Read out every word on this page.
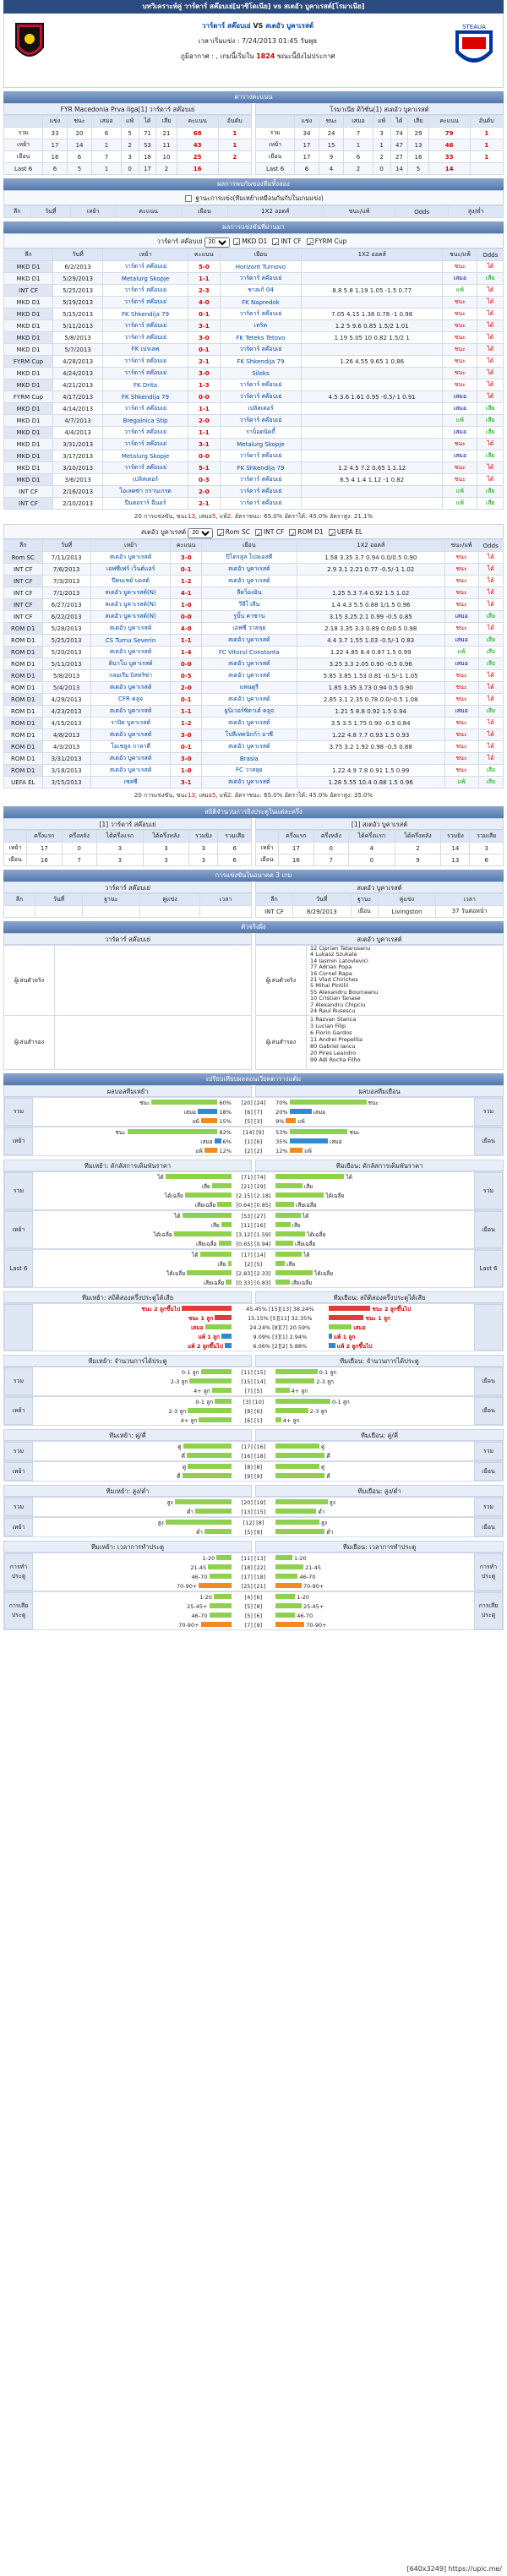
บทวิเคราะห์คู่ วาร์ดาร์ สค๊อบเย่[มาซิโดเนีย] vs สเตอัว บูคาเรสต์[โรมาเนีย]
วาร์ดาร์ สค๊อบเย่ VS สเตอัว บูคาเรสต์
เวลาเริ่มแข่ง : 7/24/2013 01:45 วันพุธ
ภูมิอากาศ : , เกมนี้เริ่มใน 1824 ขณะนี้ยังไม่ประกาศ
STEAUA
ตารางคะแนน
FYR Macedonia Prva liga[1] วาร์ดาร์ สค๊อบเย่
	แข่ง	ชนะ	เสมอ	แพ้	ได้	เสีย	คะแนน	อันดับ
รวม	33	20	6	5	71	21	68	1
เหย้า	17	14	1	2	53	11	43	1
เยือน	16	6	7	3	18	10	25	2
Last 6	6	5	1	0	17	2	16	
โรมาเนีย ดิวิชั่น(1) สเตอัว บูคาเรสต์
	แข่ง	ชนะ	เสมอ	แพ้	ได้	เสีย	คะแนน	อันดับ
รวม	34	24	7	3	74	29	79	1
เหย้า	17	15	1	1	47	13	46	1
เยือน	17	9	6	2	27	16	33	1
Last 6	6	4	2	0	14	5	14	
ผลการพบกันของทีมทั้งสอง
ฐานะการแข่ง(ทีมเหย้าเหมือนกันกับในเกมแข่ง)
ลีก	วันที่	เหย้า	คะแนน	เยือน	1X2 ออดส์	ชนะ/แพ้	Odds	สูง/ต่ำ
ผลการแข่งขันที่ผ่านมา
วาร์ดาร์ สค๊อบเย่
20 ✓	MKD D1 ✓ INT CF ✓ FYRM Cup
ลีก	วันที่	เหย้า	คะแนน	เยือน	1X2 ออดส์	ชนะ/แพ้	Odds
MKD D1	6/2/2013	วาร์ดาร์ สค๊อบเย่	5-0	Horizont Turnovo		ชนะ	ได้
MKD D1	5/29/2013	Metalurg Skopje	1-1	วาร์ดาร์ สค๊อบเย่		เสมอ	เสีย
INT CF	5/25/2013	วาร์ดาร์ สค๊อบเย่	2-3	ชาลเก้ 04	8.8 5.8 1.19 1.05 -1.5 0.77	แพ้	ได้
MKD D1	5/19/2013	วาร์ดาร์ สค๊อบเย่	4-0	FK Napredok		ชนะ	ได้
MKD D1	5/15/2013	FK Shkendija 79	0-1	วาร์ดาร์ สค๊อบเย่	7.05 4.15 1.38 0.78 -1 0.98	ชนะ	ได้
MKD D1	5/11/2013	วาร์ดาร์ สค๊อบเย่	3-1	เทริค	1.2 5 9.6 0.85 1.5/2 1.01	ชนะ	ได้
MKD D1	5/8/2013	วาร์ดาร์ สค๊อบเย่	3-0	FK Teteks Tetovo	1.19 5.05 10 0.82 1.5/2 1	ชนะ	ได้
MKD D1	5/7/2013	FK เปรเลพ	0-1	วาร์ดาร์ สค๊อบเย่		ชนะ	ได้
FYRM Cup	4/28/2013	วาร์ดาร์ สค๊อบเย่	2-1	FK Shkendija 79	1.26 4.55 9.65 1 0.86	ชนะ	ได้
MKD D1	4/24/2013	วาร์ดาร์ สค๊อบเย่	3-0	Sileks		ชนะ	ได้
MKD D1	4/21/2013	FK Drita	1-3	วาร์ดาร์ สค๊อบเย่		ชนะ	ได้
FYRM Cup	4/17/2013	FK Shkendija 79	0-0	วาร์ดาร์ สค๊อบเย่	4.5 3.6 1.61 0.95 -0.5/-1 0.91	เสมอ	ได้
MKD D1	4/14/2013	วาร์ดาร์ สค๊อบเย่	1-1	เปลิสเตอร์		เสมอ	เสีย
MKD D1	4/7/2013	Bregalnica Stip	2-0	วาร์ดาร์ สค๊อบเย่		แพ้	เสีย
MKD D1	4/4/2013	วาร์ดาร์ สค๊อบเย่	1-1	ราบ็อตนิคกี้		เสมอ	เสีย
MKD D1	3/31/2013	วาร์ดาร์ สค๊อบเย่	3-1	Metalurg Skopje		ชนะ	ได้
MKD D1	3/17/2013	Metalurg Skopje	0-0	วาร์ดาร์ สค๊อบเย่		เสมอ	เสีย
MKD D1	3/10/2013	วาร์ดาร์ สค๊อบเย่	5-1	FK Shkendija 79	1.2 4.5 7.2 0.65 1 1.12	ชนะ	ได้
MKD D1	3/6/2013	เปลิสเตอร์	0-3	วาร์ดาร์ สค๊อบเย่	6.5 4 1.4 1.12 -1 0.82	ชนะ	ได้
INT CF	2/16/2013	โอเลคซ่า กรานเกรด	2-0	วาร์ดาร์ สค๊อบเย่		แพ้	เสีย
INT CF	2/10/2013	ปีนฮอราร์ ฉีนอร์	2-1	วาร์ดาร์ สค๊อบเย่		แพ้	เสีย
20 การแข่งขัน, ชนะ13, เสมอ5, แพ้2. อัตราชนะ: 65.0% อัตราได้: 45.0% อัตราสูง: 21.1%
สเตอัว บูคาเรสต์
20 ✓	Rom SC ✓ INT CF ✓ ROM D1 ✓ UEFA EL
ลีก	วันที่	เหย้า	คะแนน	เยือน	1X2 ออดส์	ชนะ/แพ้	Odds
Rom SC	7/11/2013	สเตอัว บูคาเรสต์	3-0	ปีโตรลูล โปลเอสตี	1.58 3.35 3.7 0.94 0.0/0.5 0.90	ชนะ	ได้
INT CF	7/6/2013	เอฟซีเฟร์ เว็นต์แอร์	0-1	สเตอัว บูคาเรสต์	2.9 3.1 2.21 0.77 -0.5/-1 1.02	ชนะ	ได้
INT CF	7/3/2013	ปีตนเชย์ บอสต์	1-2	สเตอัว บูคาเรสต์		ชนะ	ได้
INT CF	7/1/2013	สเตอัว บูคาเรสต์(N)	4-1	ลีดว็องอิน	1.25 5.3 7.4 0.92 1.5 1.02	ชนะ	ได้
INT CF	6/27/2013	สเตอัว บูคาเรสต์(N)	1-0	วีลีโวลีน	1.4 4.3 5.5 0.88 1/1.5 0.96	ชนะ	ได้
INT CF	6/22/2013	สเตอัว บูคาเรสต์(N)	0-0	รูบิ้น คาซาน	3.15 3.25 2.1 0.99 -0.5 0.85	เสมอ	เสีย
ROM D1	5/28/2013	สเตอัว บูคาเรสต์	4-0	เอฟซี วาสลุย	2.18 3.35 3.3 0.89 0.0/0.5 0.98	ชนะ	ได้
ROM D1	5/25/2013	CS Turnu Severin	1-1	สเตอัว บูคาเรสต์	4.4 3.7 1.55 1.03 -0.5/-1 0.83	เสมอ	เสีย
ROM D1	5/20/2013	สเตอัว บูคาเรสต์	1-4	FC Vitorul Constanta	1.22 4.85 8.4 0.87 1.5 0.99	แพ้	เสีย
ROM D1	5/11/2013	ดินาโม บูคาเรสต์	0-0	สเตอัว บูคาเรสต์	3.25 3.3 2.05 0.90 -0.5 0.96	เสมอ	เสีย
ROM D1	5/8/2013	กลอเรีย บิสทริซ่า	0-5	สเตอัว บูคาเรสต์	5.85 3.85 1.53 0.81 -0.5/-1 1.05	ชนะ	ได้
ROM D1	5/4/2013	สเตอัว บูคาเรสต์	2-0	แพนดูรี	1.85 3.35 3.73 0.94 0.5 0.90	ชนะ	ได้
ROM D1	4/29/2013	CFR คลูจ	0-1	สเตอัว บูคาเรสต์	2.85 3.1 2.35 0.78 0.0/-0.5 1.08	ชนะ	ได้
ROM D1	4/23/2013	สเตอัว บูคาเรสต์	1-1	ยูนิเวอร์ซิตาเต้ คลูจ	1.21 5 8.8 0.92 1.5 0.94	เสมอ	เสีย
ROM D1	4/15/2013	ราปิด บูคาเรสต์	1-2	สเตอัว บูคาเรสต์	3.5 3.5 1.75 0.90 -0.5 0.84	ชนะ	ได้
ROM D1	4/8/2013	สเตอัว บูคาเรสต์	3-0	โปลีเทคนิกก้า อาซี	1.22 4.8 7.7 0.93 1.5 0.93	ชนะ	ได้
ROM D1	4/3/2013	โอเชลูล กาลาตี	0-1	สเตอัว บูคาเรสต์	3.75 3.2 1.92 0.98 -0.5 0.88	ชนะ	ได้
ROM D1	3/31/2013	สเตอัว บูคาเรสต์	3-0	Brasia		ชนะ	ได้
ROM D1	3/18/2013	สเตอัว บูคาเรสต์	1-0	FC วาสลุย	1.22 4.9 7.8 0.91 1.5 0.99	ชนะ	เสีย
UEFA EL	3/15/2013	เชลซี	3-1	สเตอัว บูคาเรสต์	1.28 5.55 10.4 0.88 1.5 0.96	แพ้	เสีย
20 การแข่งขัน, ชนะ13, เสมอ5, แพ้2. อัตราชนะ: 65.0% อัตราได้: 45.0% อัตราสูง: 35.0%
สถิติจำนวนการยิงประตูในแต่ละครึ่ง
[1] วาร์ดาร์ สค๊อบเย่
	ครึ่งแรก	ครึ่งหลัง	ได้ครึ่งแรก	ได้ครึ่งหลัง	รวมยิง	รวมเสีย
เหย้า	17	0	3	3	3	6
เยือน	16	7	3	3	3	6
[1] สเตอัว บูคาเรสต์
	ครึ่งแรก	ครึ่งหลัง	ได้ครึ่งแรก	ได้ครึ่งหลัง	รวมยิง	รวมเสีย
เหย้า	17	0	4	2	14	3
เยือน	16	7	0	9	13	6
การแข่งขันในอนาคต 3 เกม
วาร์ดาร์ สค๊อบเย่
ลีก	วันที่	ฐานะ	คู่แข่ง	เวลา

สเตอัว บูคาเรสต์
ลีก	วันที่	ฐานะ	คู่แข่ง	เวลา
INT CF	8/29/2013	เยือน	Livingston	37 วันต่อหน้า
ตัวจริงฝั่ง
วาร์ดาร์ สค๊อบเย่
ผู้เล่นตัวจริง
ผู้เล่นสำรอง
สเตอัว บูคาเรสต์
ผู้เล่นตัวจริง
12 Ciprian Tatarusanu
4 Lukasz Szukala
14 Iasmin Latovlevici
77 Adrian Popa
16 Cornel Rapa
21 Vlad Chiriches
5 Mihai Pintilii
55 Alexandru Bourceanu
10 Cristian Tanase
7 Alexandru Chipciu
24 Raul Rusescu
ผู้เล่นสำรอง
1 Razvan Stanca
3 Lucian Filip
6 Florin Gardos
11 Andrei Prepelita
80 Gabriel Iancu
20 Pires Leandro
99 Adi Rocha Filho
เปรียบเทียบผลลอนเวียดตารางแต้ม
ผลบอลทีมเหย้า	ผลบอลทีมเยือน
รวม
ชนะ	60%	[20] [24]	70%	ชนะ
เสมอ	18%	[6] [7]	20%	เสมอ
แพ้	15%	[5] [3]	9%  แพ้
รวม
เหย้า
ชนะ	82%	[14] [9]	53%	ชนะ
เสมอ  6%	[1] [6]	35%	เสมอ
แพ้  12%	[2] [2]	12%  แพ้
เยือน
ทีมเหย้า: ดักลัสการเดิมพันราคา	ทีมเยือน: ดักลัสการเดิมพันราคา
รวม
ได้	[71] [74]	ได้
เสีย	[21] [29]	เสีย
ได้เฉลี่ย	[2.15] [2.18]	ได้เฉลี่ย
เสียเฉลี่ย	[0.64] [0.85]	เสียเฉลี่ย
รวม
เหย้า
ได้	[53] [27]	ได้
เสีย	[11] [16]	เสีย
ได้เฉลี่ย	[3.12] [1.59]	ได้เฉลี่ย
เสียเฉลี่ย	[0.65] [0.94]	เสียเฉลี่ย
เยือน
Last 6
ได้	[17] [14]	ได้
เสีย	[2] [5]	เสีย
ได้เฉลี่ย	[2.83] [2.33]	ได้เฉลี่ย
เสียเฉลี่ย	[0.33] [0.83]	เสียเฉลี่ย
Last 6
ทีมเหย้า: สถิติสองครึ่งประตูได้เสีย	ทีมเยือน: สถิติสองครึ่งประตูได้เสีย
ชนะ 2 ลูกขึ้นไป	45.45% [15][13] 38.24%	ชนะ 2 ลูกขึ้นไป
ชนะ 1 ลูก	15.15% [5][11] 32.35%	ชนะ 1 ลูก
เสมอ	24.24% [8][7] 20.59%	เสมอ
แพ้ 1 ลูก	9.09% [3][1] 2.94%	แพ้ 1 ลูก
แพ้ 2 ลูกขึ้นไป	6.06% [2][2] 5.88%	แพ้ 2 ลูกขึ้นไป
ทีมเหย้า: จำนวนการได้ประตู	ทีมเยือน: จำนวนการได้ประตู
รวม
0-1 ลูก	[11] [15]	0-1 ลูก
2-3 ลูก	[15] [14]	2-3 ลูก
4+ ลูก	[7] [5]	4+ ลูก
เยือน
เหย้า
0-1 ลูก	[3] [10]	0-1 ลูก
2-3 ลูก	[8] [6]	2-3 ลูก
4+ ลูก	[6] [1]	4+ ลูก
เยือน
ทีมเหย้า: คู่/คี่	ทีมเยือน: คู่/คี่
รวม
คู่	[17] [16]	คู่
คี่	[16] [18]	คี่
รวม
เหย้า
คู่	[8] [8]	คู่
คี่	[9] [9]	คี่
เยือน
ทีมเหย้า: สูง/ต่ำ	ทีมเยือน: สูง/ต่ำ
รวม
สูง	[20] [19]	สูง
ต่ำ	[13] [15]	ต่ำ
รวม
เหย้า
สูง	[12] [8]	สูง
ต่ำ	[5] [9]	ต่ำ
เยือน
ทีมเหย้า: เวลาการทำประตู	ทีมเยือน: เวลาการทำประตู
การทำประตู
1-20	[11] [13]	1-20
21-45	[18] [22]	21-45
46-70	[17] [18]	46-70
70-90+	[25] [21]	70-90+
การทำประตู
การเสีย ประตู
1-20	[4] [6]	1-20
25-45+	[5] [8]	25-45+
46-70	[5] [6]	46-70
70-90+	[7] [9]	70-90+
การเสีย ประตู
[640x3249] https://upic.me/
